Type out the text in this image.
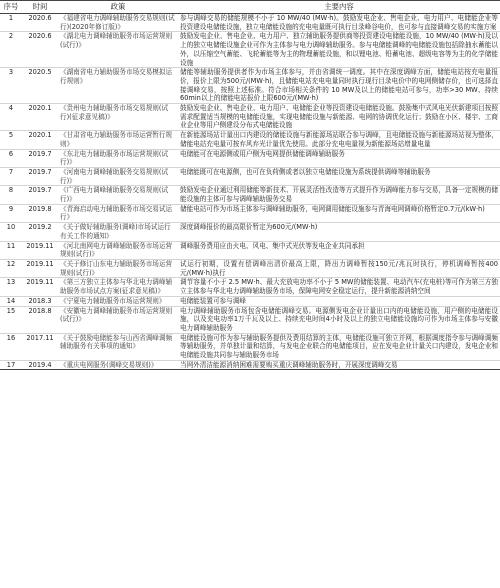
序号	时间	政策	主要内容
1	2020.6	《福建省电力调峰辅助服务交易规则(试行)(2020年修订版)》	参与调峰交易的储能规模不小于 10 MW/40 (MW·h)。鼓励发电企业、售电企业、电力用户、电储能企业等投资建设电储能设施，独立电储能设施的充电电量既可执行目录峰谷电价，也可参与直接调峰交易的实施方案
2	2020.6	《湖北电力调峰辅助服务市场运营规则(试行)》	鼓励发电企业、售电企业、电力用户、独立辅助服务提供商等投资建设电储能设施，10 MW/40 (MW·h)及以上的独立电储能设施企业可作为主体参与电力调峰辅助服务。参与电储能调峰的电储能设施包括除抽水蓄能以外，以压缩空气蓄能、飞轮蓄能等为主的物理蓄能设施，和以锂电池、铅蓄电池、超级电容等为主的化学储能设施
3	2020.5	《湖南省电力辅助服务市场交易模拟运行规则》	储能等辅助服务提供者作为市场主体参与，并由省调统一调度。其中在深度调峰方面，储能电站按充电量报价，报价上限为500元/(MW·h)，且储能电站充电电量同时执行现行目录电价中的电网侧储存价，也可选择直接调峰交易，按照上述标准。符合市场相关条件的 10 MW及以上的储能电站可参与，功率>30 MW、持续60min以上的储能电站报价上限600元/(MW·h)
4	2020.1	《贵州电力辅助服务市场交易规则(试行)(征求意见稿)》	鼓励发电企业、售电企业、电力用户、电储能企业等投资建设电储能设施。鼓励集中式风电光伏新建项目按照需求配置适当规模的电储能设施，实现电储能设施与新能源、电网的协调优化运行；鼓励在小区、楼宇、工商业企业等用户侧建设分布式电储能设施
5	2020.1	《甘肃省电力辅助服务市场运营暂行规则》	在新能源场站计量出口内建设的储能设施与新能源场站联合参与调峰，且电储能设施与新能源场站视为整体，储能电站充电量可按弃风弃光计量优先使用。此部分充电电量视为新能源场站增量电量
6	2019.7	《东北电力辅助服务市场运营规则(试行)》	电储能可在电源侧或用户侧为电网提供储能调峰辅助服务
7	2019.7	《河南电力调峰辅助服务交易规则(试行)》	电储能既可在电源侧，也可在负荷侧或者以独立电储能设施为系统提供调峰等辅助服务
8	2019.7	《广西电力调峰辅助服务交易规则(试行)》	鼓励发电企业通过利用储能等新技术、开展灵活性改造等方式提升作为调峰能力参与交易，具备一定规模的储能设施的主体可参与调峰辅助服务交易
9	2019.8	《青海启动电力辅助服务市场交易试运行》	储能电站可作为市场主体参与调峰辅助服务，电网调用储能设施参与青海电网调峰价格暂定0.7元/(kW·h)
10	2019.2	《关于做好辅助服务(调峰)市场试运行有关工作的通知》	深度调峰报价的最高限价暂定为600元/(MW·h)
11	2019.11	《河北南网电力调峰辅助服务市场运营规则(试行)》	调峰服务费用应由火电、风电、集中式光伏等发电企业共同承担
12	2019.11	《关于修订山东电力辅助服务市场运营规则(试行)》	试运行初期，设置有偿调峰出清价最高上限，降出力调峰暂按150元/兆瓦时执行，停机调峰暂按400元/(MW·h)执行
13	2019.11	《第三方独立主体参与华北电力调峰辅助服务市场试点方案(征求意见稿)》	调节容量不小于 2.5 MW·h、最大充放电功率不小于 5 MW的储能装置、电动汽车(充电桩)等可作为第三方独立主体参与华北电力调峰辅助服务市场，保障电网安全稳定运行，提升新能源消纳空间
14	2018.3	《宁夏电力辅助服务市场运营规则》	电储能装置可参与调峰
15	2018.8	《安徽电力调峰辅助服务市场运营规则(试行)》	电力调峰辅助服务市场包含电储能调峰交易。电源侧发电企业计量出口内的电储能设施，用户侧的电储能设施，以及充电功率1万千瓦及以上、持续充电时间4小时及以上的独立电储能设施均可作为市场主体参与安徽电力调峰辅助服务
16	2017.11	《关于鼓励电储能参与山西省调峰调频辅助服务有关事项的通知》	电储能设施可作为参与辅助服务提供及费用结算的主体，电储能设施可独立并网，根据调度指令参与调峰调频等辅助服务，并单独计量和结算，与发电企业联合的电储能项目，应在发电企业计量关口内建设，发电企业和电储能设施共同参与辅助服务市场
17	2019.4	《重庆电网服务(调峰交易规则)》	当网外清洁能源消纳困难需要购买重庆调峰辅助服务时，开展深度调峰交易
